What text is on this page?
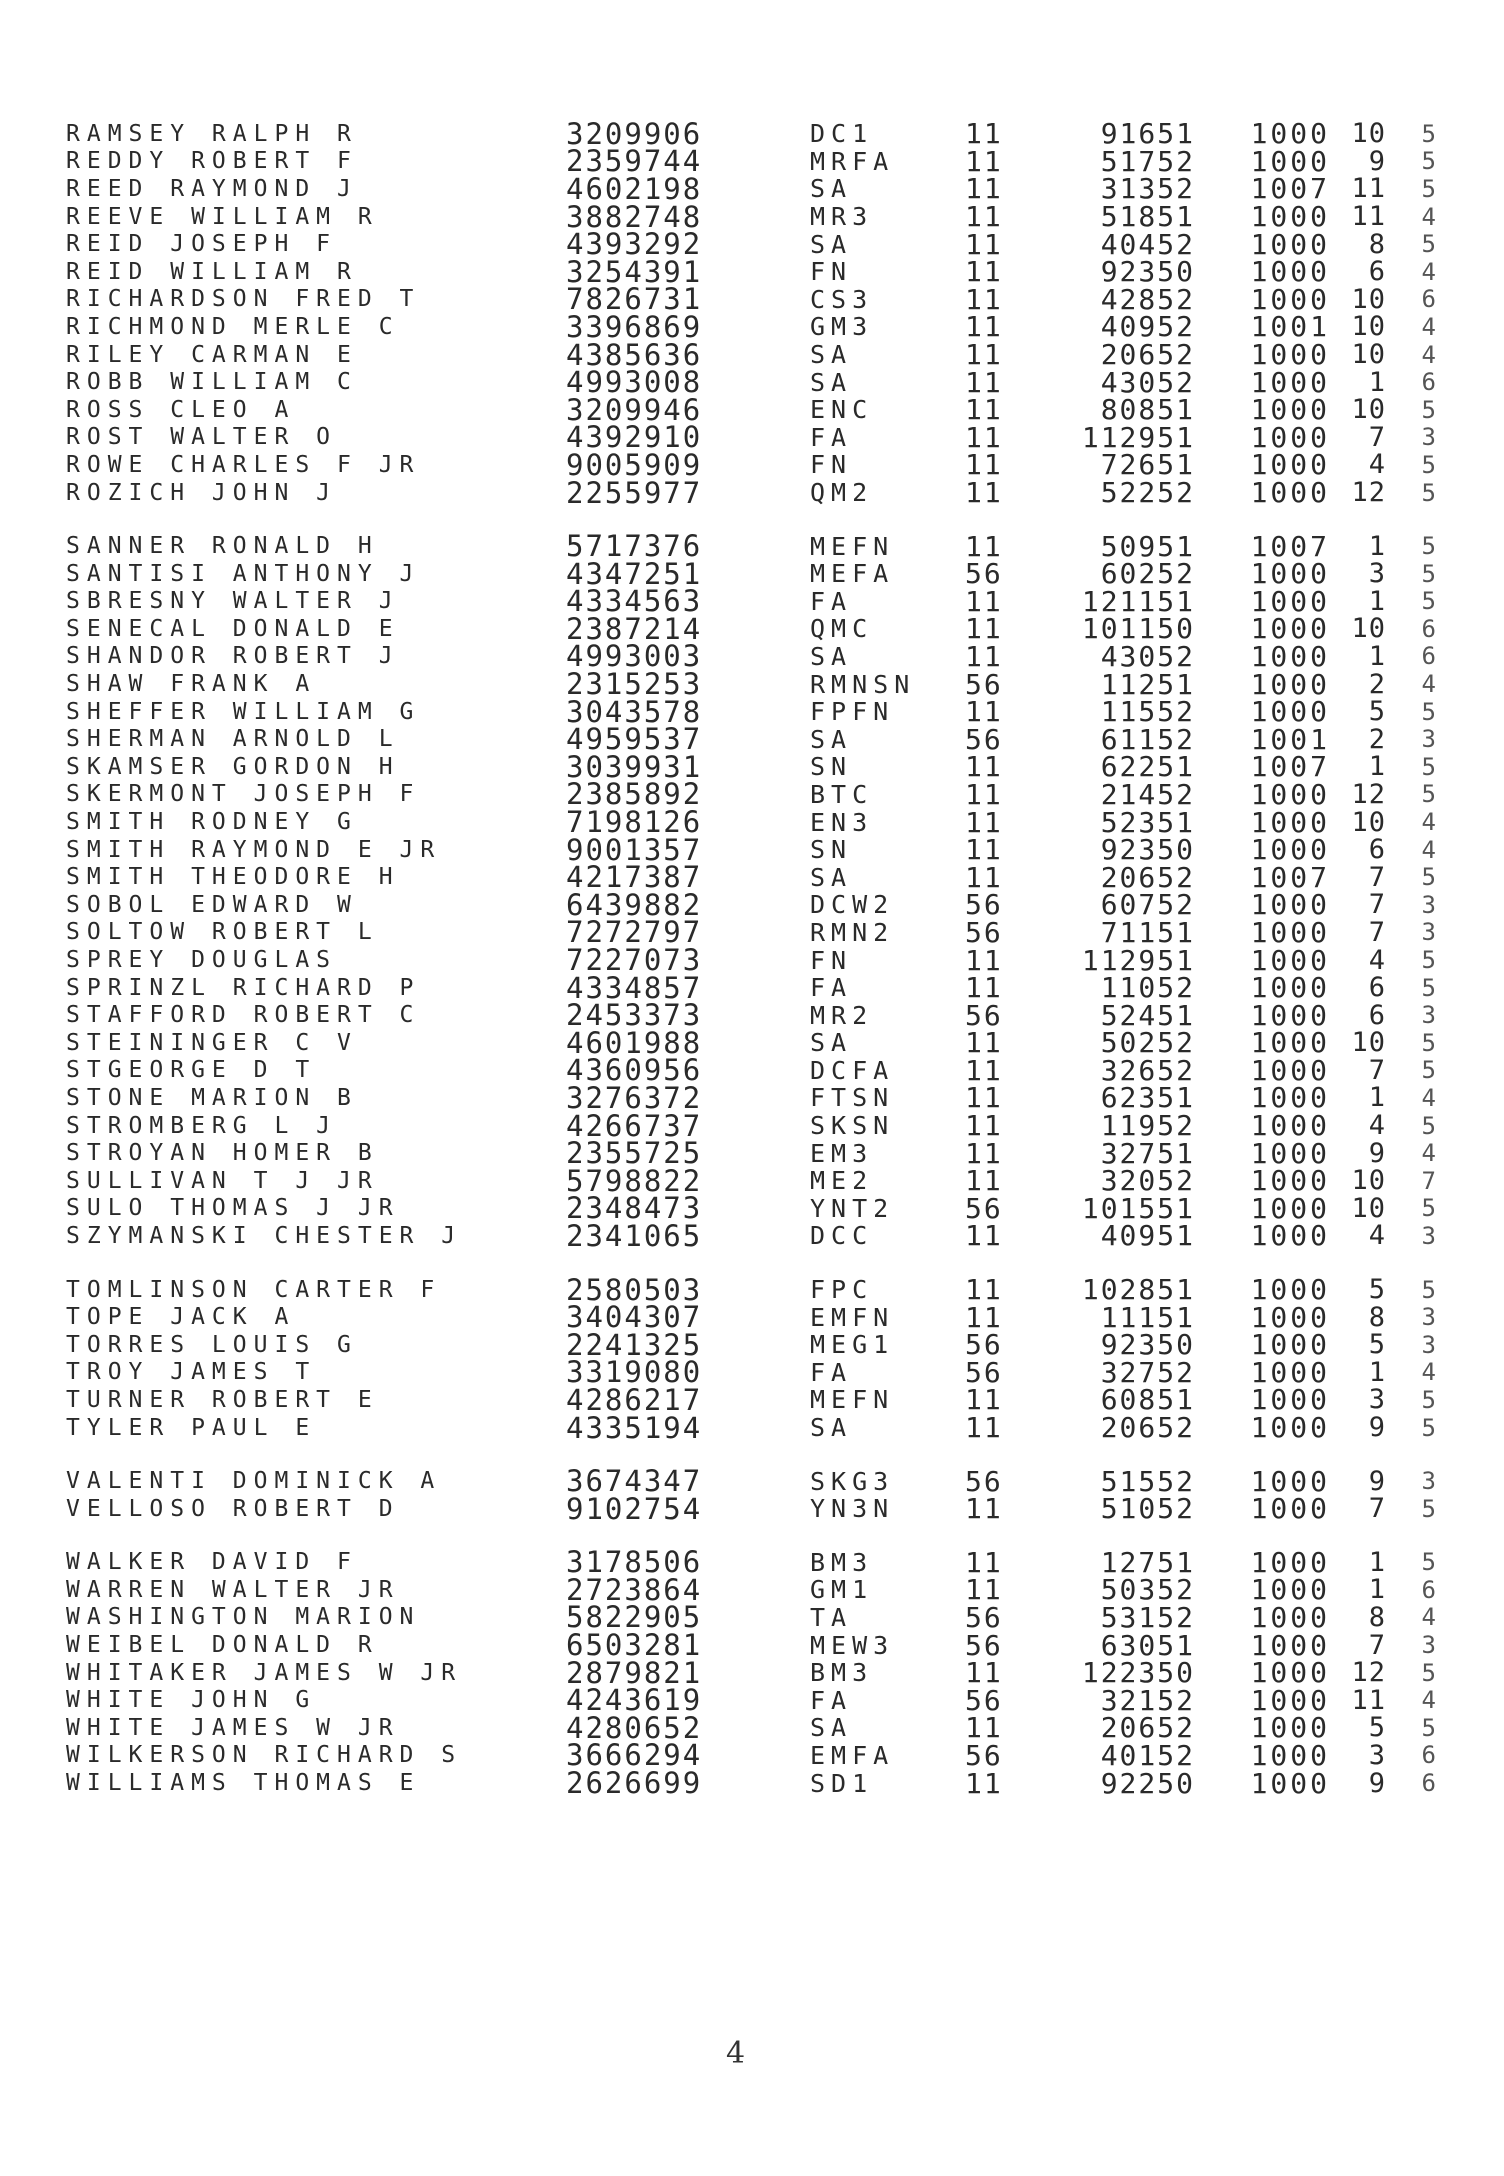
RAMSEY RALPH R	3209906	DC1	11	91651	1000 10	5
REDDY ROBERT F	2359744	MRFA	11	51752	1000	9	5
REED RAYMOND J	4602198	SA	11	31352	1007 11	5
REEVE WILLIAM R	3882748	MR3	11	51851	1000 11	4
REID JOSEPH F	4393292	SA	11	40452	1000	8	5
REID WILLIAM R	3254391	FN	11	92350	1000	6	4
RICHARDSON FRED T	7826731	CS3	11	42852	1000 10	6
RICHMOND MERLE C	3396869	GM3	11	40952	1001 10	4
RILEY CARMAN E	4385636	SA	11	20652	1000 10	4
ROBB WILLIAM C	4993008	SA	11	43052	1000	1	6
ROSS CLEO A	3209946	ENC	11	80851	1000 10	5
ROST WALTER O	4392910	FA	11	112951	1000	7	3
ROWE CHARLES F JR	9005909	FN	11	72651	1000	4	5
ROZICH JOHN J	2255977	QM2	11	52252	1000 12	5
SANNER RONALD H	5717376	MEFN	11	50951	1007	1	5
SANTISI ANTHONY J	4347251	MEFA	56	60252	1000	3	5
SBRESNY WALTER J	4334563	FA	11	121151	1000	1	5
SENECAL DONALD E	2387214	QMC	11	101150	1000 10	6
SHANDOR ROBERT J	4993003	SA	11	43052	1000	1	6
SHAW FRANK A	2315253	RMNSN	56	11251	1000	2	4
SHEFFER WILLIAM G	3043578	FPFN	11	11552	1000	5	5
SHERMAN ARNOLD L	4959537	SA	56	61152	1001	2	3
SKAMSER GORDON H	3039931	SN	11	62251	1007	1	5
SKERMONT JOSEPH F	2385892	BTC	11	21452	1000 12	5
SMITH RODNEY G	7198126	EN3	11	52351	1000 10	4
SMITH RAYMOND E JR	9001357	SN	11	92350	1000	6	4
SMITH THEODORE H	4217387	SA	11	20652	1007	7	5
SOBOL EDWARD W	6439882	DCW2	56	60752	1000	7	3
SOLTOW ROBERT L	7272797	RMN2	56	71151	1000	7	3
SPREY DOUGLAS	7227073	FN	11	112951	1000	4	5
SPRINZL RICHARD P	4334857	FA	11	11052	1000	6	5
STAFFORD ROBERT C	2453373	MR2	56	52451	1000	6	3
STEININGER C V	4601988	SA	11	50252	1000 10	5
STGEORGE D T	4360956	DCFA	11	32652	1000	7	5
STONE MARION B	3276372	FTSN	11	62351	1000	1	4
STROMBERG L J	4266737	SKSN	11	11952	1000	4	5
STROYAN HOMER B	2355725	EM3	11	32751	1000	9	4
SULLIVAN T J JR	5798822	ME2	11	32052	1000 10	7
SULO THOMAS J JR	2348473	YNT2	56	101551	1000 10	5
SZYMANSKI CHESTER J	2341065	DCC	11	40951	1000	4	3
TOMLINSON CARTER F	2580503	FPC	11	102851	1000	5	5
TOPE JACK A	3404307	EMFN	11	11151	1000	8	3
TORRES LOUIS G	2241325	MEG1	56	92350	1000	5	3
TROY JAMES T	3319080	FA	56	32752	1000	1	4
TURNER ROBERT E	4286217	MEFN	11	60851	1000	3	5
TYLER PAUL E	4335194	SA	11	20652	1000	9	5
VALENTI DOMINICK A	3674347	SKG3	56	51552	1000	9	3
VELLOSO ROBERT D	9102754	YN3N	11	51052	1000	7	5
WALKER DAVID F	3178506	BM3	11	12751	1000	1	5
WARREN WALTER JR	2723864	GM1	11	50352	1000	1	6
WASHINGTON MARION	5822905	TA	56	53152	1000	8	4
WEIBEL DONALD R	6503281	MEW3	56	63051	1000	7	3
WHITAKER JAMES W JR	2879821	BM3	11	122350	1000 12	5
WHITE JOHN G	4243619	FA	56	32152	1000 11	4
WHITE JAMES W JR	4280652	SA	11	20652	1000	5	5
WILKERSON RICHARD S	3666294	EMFA	56	40152	1000	3	6
WILLIAMS THOMAS E	2626699	SD1	11	92250	1000	9	6
4
